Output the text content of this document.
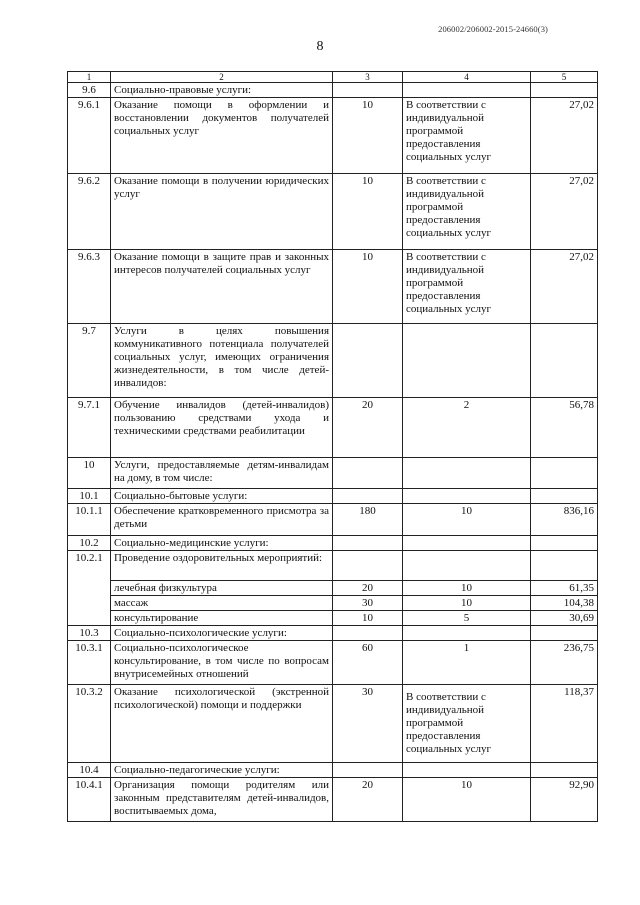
206002/206002-2015-24660(3)
8
1	2	3	4	5
9.6	Социально-правовые услуги:			
9.6.1	Оказание помощи в оформлении и восстановлении документов получателей социальных услуг	10	В соответствии с индивидуальной программой предоставления социальных услуг	27,02
9.6.2	Оказание помощи в получении юридических услуг	10	В соответствии с индивидуальной программой предоставления социальных услуг	27,02
9.6.3	Оказание помощи в защите прав и законных интересов получателей социальных услуг	10	В соответствии с индивидуальной программой предоставления социальных услуг	27,02
9.7	Услуги в целях повышения коммуникативного потенциала получателей социальных услуг, имеющих ограничения жизнедеятельности, в том числе детей-инвалидов:			
9.7.1	Обучение инвалидов (детей-инвалидов) пользованию средствами ухода и техническими средствами реабилитации	20	2	56,78
10	Услуги, предоставляемые детям-инвалидам на дому, в том числе:			
10.1	Социально-бытовые услуги:			
10.1.1	Обеспечение кратковременного присмотра за детьми	180	10	836,16
10.2	Социально-медицинские услуги:			
10.2.1	Проведение оздоровительных мероприятий:			
	лечебная физкультура	20	10	61,35
	массаж	30	10	104,38
	консультирование	10	5	30,69
10.3	Социально-психологические услуги:			
10.3.1	Социально-психологическое консультирование, в том числе по вопросам внутрисемейных отношений	60	1	236,75
10.3.2	Оказание психологической (экстренной психологической) помощи и поддержки	30	В соответствии с индивидуальной программой предоставления социальных услуг	118,37
10.4	Социально-педагогические услуги:			
10.4.1	Организация помощи родителям или законным представителям детей-инвалидов, воспитываемых дома,	20	10	92,90
